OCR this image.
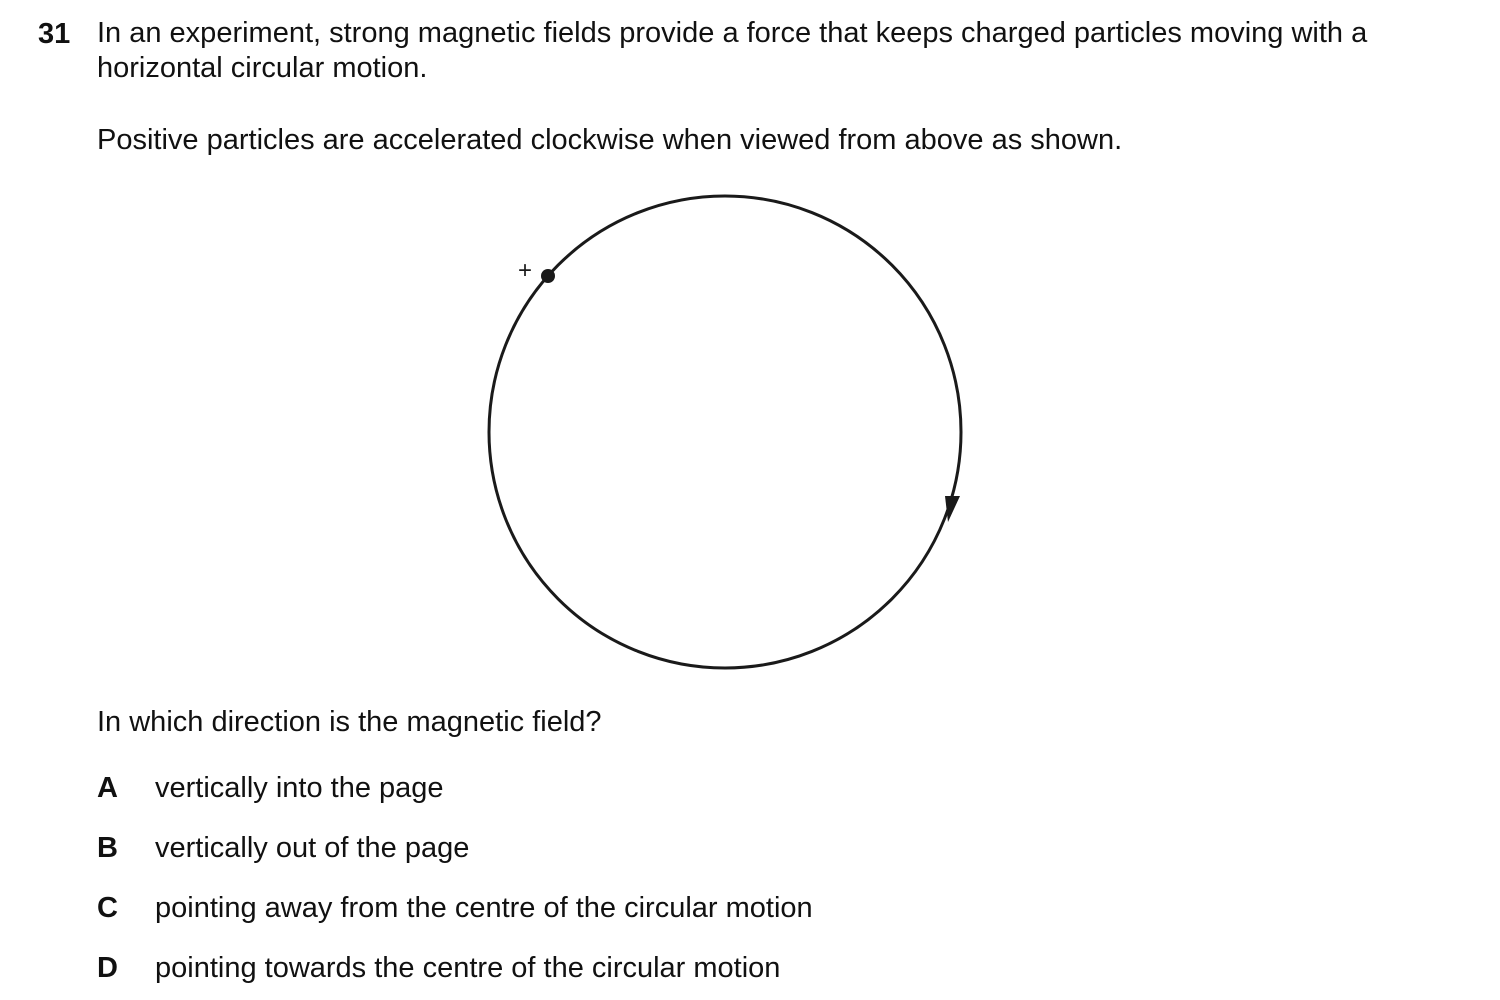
31 In an experiment, strong magnetic fields provide a force that keeps charged particles moving with a horizontal circular motion.
Positive particles are accelerated clockwise when viewed from above as shown.
+
In which direction is the magnetic field?
A	vertically into the page
B	vertically out of the page
C	pointing away from the centre of the circular motion
D	pointing towards the centre of the circular motion
